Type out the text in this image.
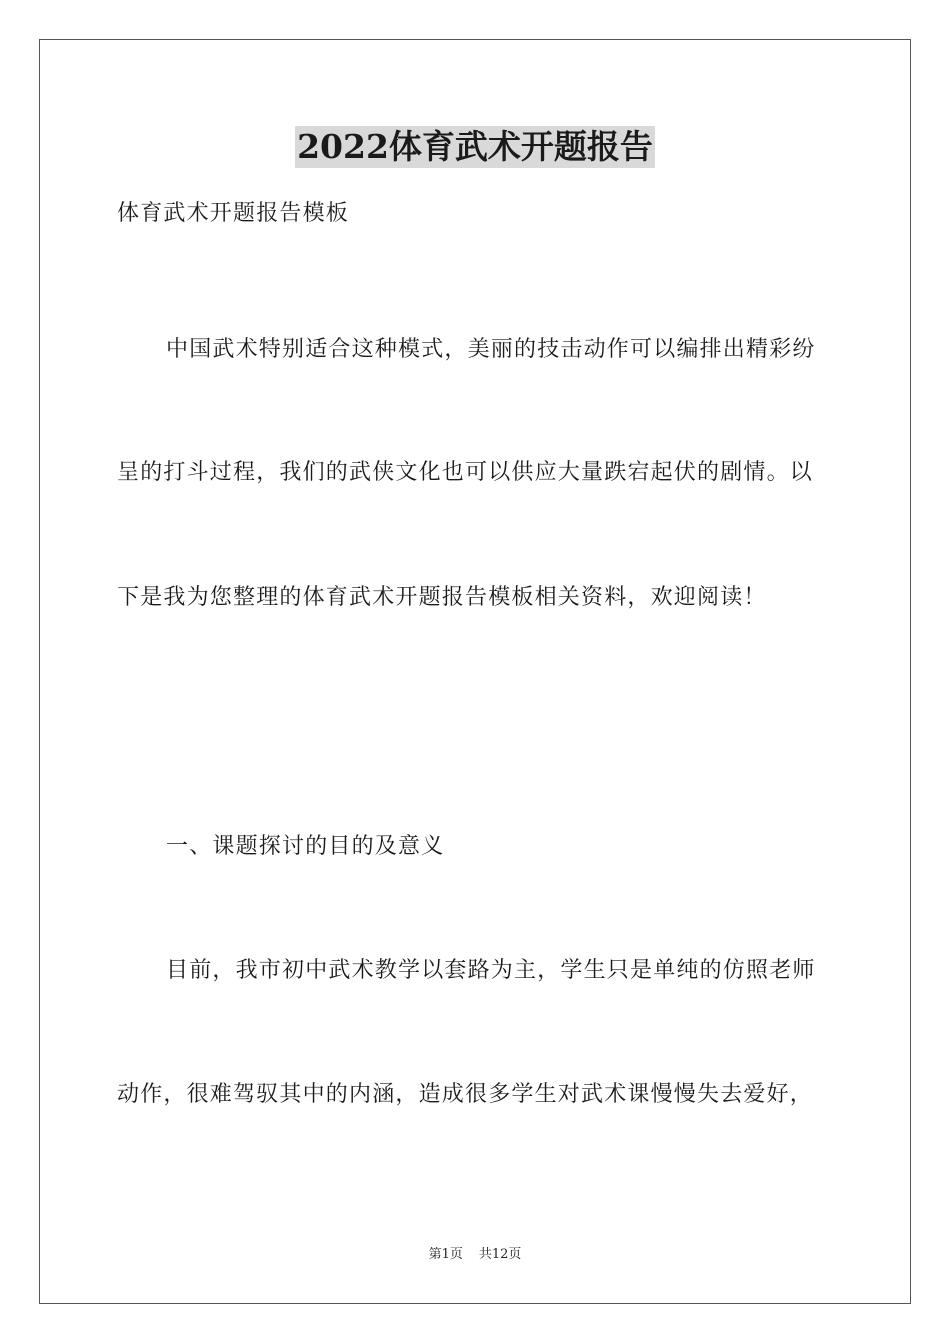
2022体育武术开题报告
体育武术开题报告模板
中国武术特别适合这种模式，美丽的技击动作可以编排出精彩纷
呈的打斗过程，我们的武侠文化也可以供应大量跌宕起伏的剧情。以
下是我为您整理的体育武术开题报告模板相关资料，欢迎阅读！
一、课题探讨的目的及意义
目前，我市初中武术教学以套路为主，学生只是单纯的仿照老师
动作，很难驾驭其中的内涵，造成很多学生对武术课慢慢失去爱好，
第1页 共12页
